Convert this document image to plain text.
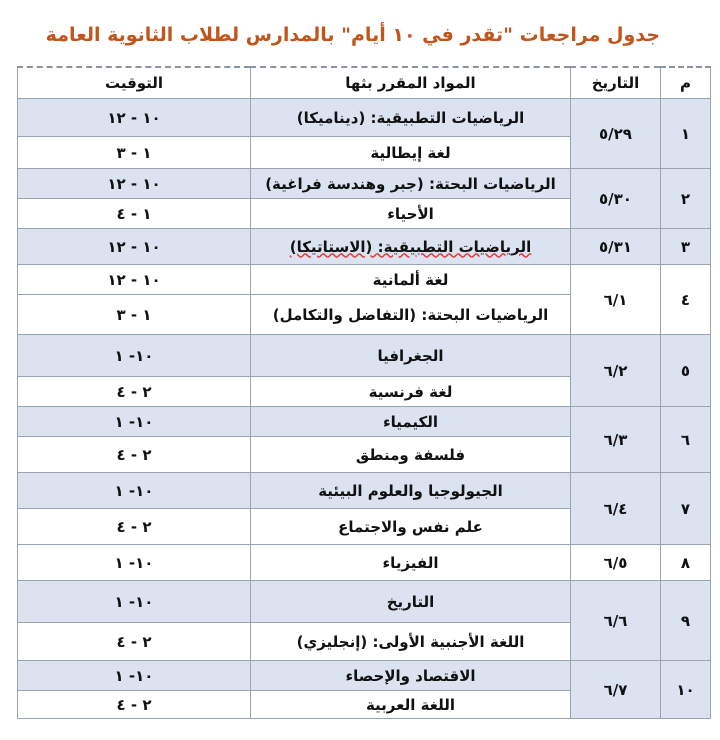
جدول مراجعات "تقدر في ١٠ أيام" بالمدارس لطلاب الثانوية العامة
م	التاريخ	المواد المقرر بثها	التوقيت
١	٥/٢٩	الرياضيات التطبيقية: (ديناميكا)	١٠ - ١٢
		لغة إيطالية	١ - ٣
٢	٥/٣٠	الرياضيات البحتة: (جبر وهندسة فراغية)	١٠ - ١٢
		الأحياء	١ - ٤
٣	٥/٣١	الرياضيات التطبيقية: (الاستاتيكا)	١٠ - ١٢
٤	٦/١	لغة ألمانية	١٠ - ١٢
		الرياضيات البحتة: (التفاضل والتكامل)	١ - ٣
٥	٦/٢	الجغرافيا	١٠- ١
		لغة فرنسية	٢ - ٤
٦	٦/٣	الكيمياء	١٠- ١
		فلسفة ومنطق	٢ - ٤
٧	٦/٤	الجيولوجيا والعلوم البيئية	١٠- ١
		علم نفس والاجتماع	٢ - ٤
٨	٦/٥	الفيزياء	١٠- ١
٩	٦/٦	التاريخ	١٠- ١
		اللغة الأجنبية الأولى: (إنجليزي)	٢ - ٤
١٠	٦/٧	الاقتصاد والإحصاء	١٠- ١
		اللغة العربية	٢ - ٤
